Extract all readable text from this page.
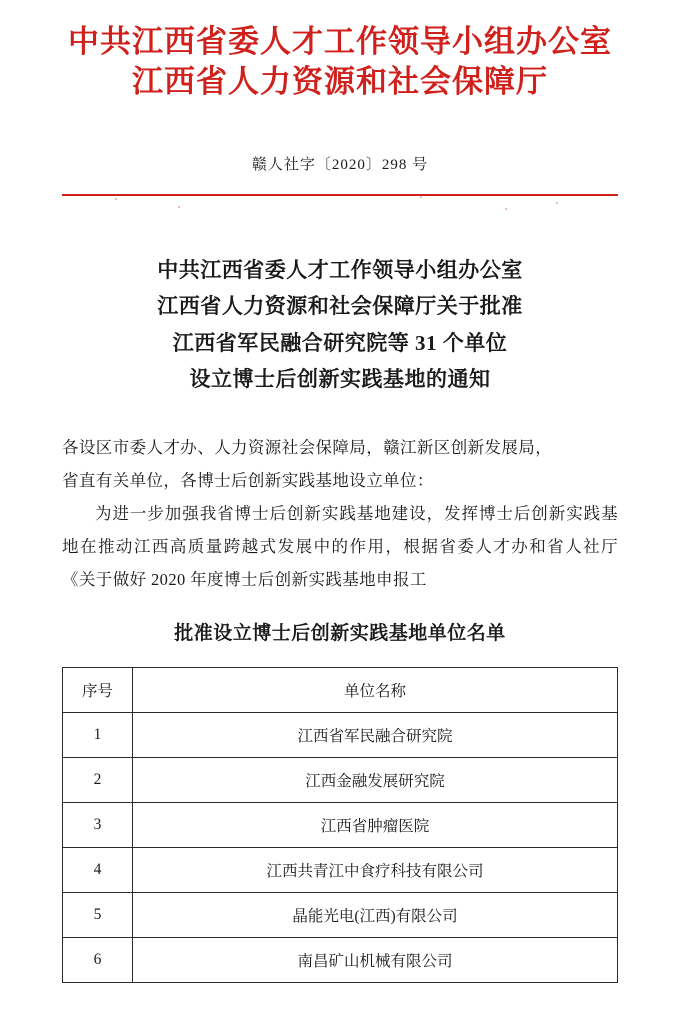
中共江西省委人才工作领导小组办公室
江西省人力资源和社会保障厅
赣人社字〔2020〕298 号
中共江西省委人才工作领导小组办公室
江西省人力资源和社会保障厅关于批准
江西省军民融合研究院等 31 个单位
设立博士后创新实践基地的通知

各设区市委人才办、人力资源社会保障局，赣江新区创新发展局，

省直有关单位，各博士后创新实践基地设立单位：

为进一步加强我省博士后创新实践基地建设，发挥博士后创新实践基地在推动江西高质量跨越式发展中的作用，根据省委人才办和省人社厅《关于做好 2020 年度博士后创新实践基地申报工

批准设立博士后创新实践基地单位名单
序号	单位名称
1	江西省军民融合研究院
2	江西金融发展研究院
3	江西省肿瘤医院
4	江西共青江中食疗科技有限公司
5	晶能光电(江西)有限公司
6	南昌矿山机械有限公司
